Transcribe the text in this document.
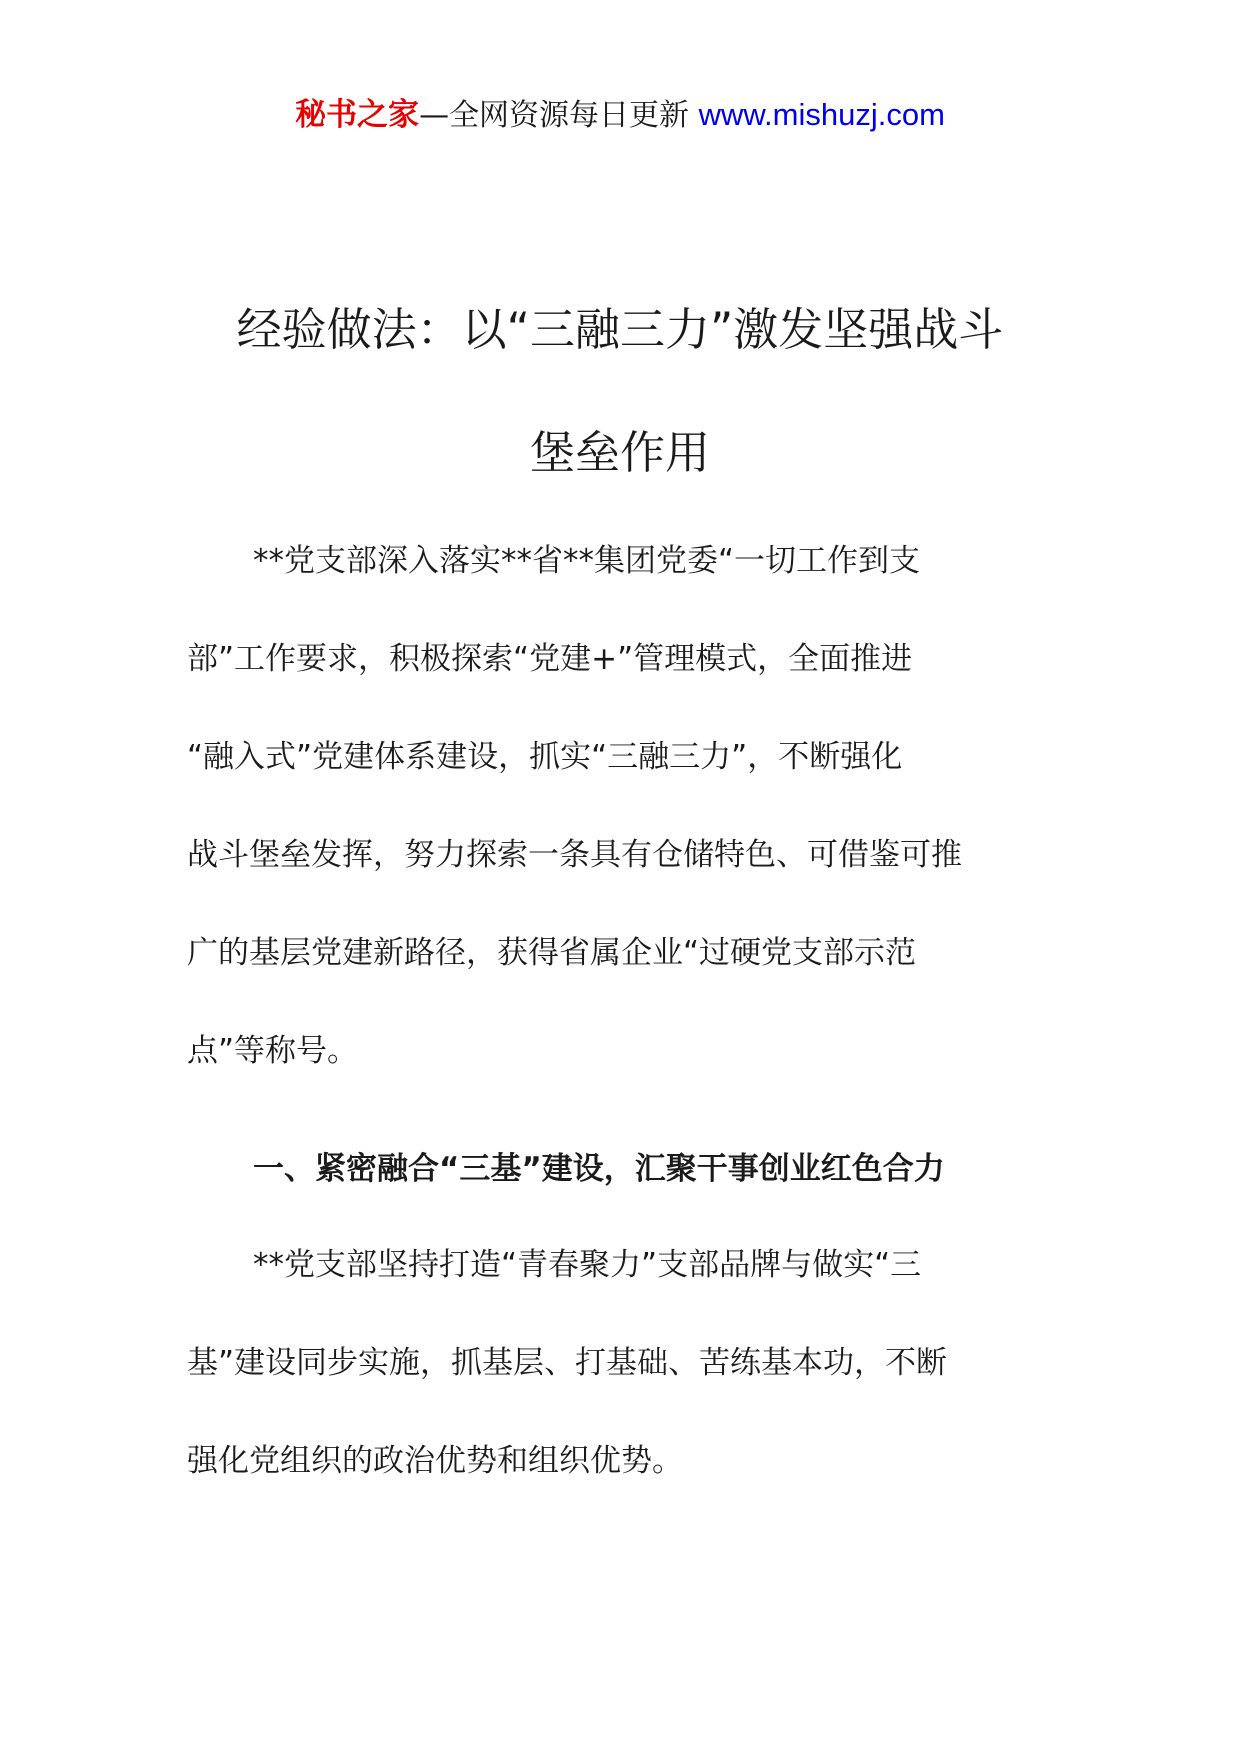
秘书之家—全网资源每日更新 www.mishuzj.com
经验做法：以“三融三力”激发坚强战斗
堡垒作用
**党支部深入落实**省**集团党委“一切工作到支
部”工作要求，积极探索“党建+”管理模式，全面推进
“融入式”党建体系建设，抓实“三融三力”，不断强化
战斗堡垒发挥，努力探索一条具有仓储特色、可借鉴可推
广的基层党建新路径，获得省属企业“过硬党支部示范
点”等称号。
一、紧密融合“三基”建设，汇聚干事创业红色合力
**党支部坚持打造“青春聚力”支部品牌与做实“三
基”建设同步实施，抓基层、打基础、苦练基本功，不断
强化党组织的政治优势和组织优势。
